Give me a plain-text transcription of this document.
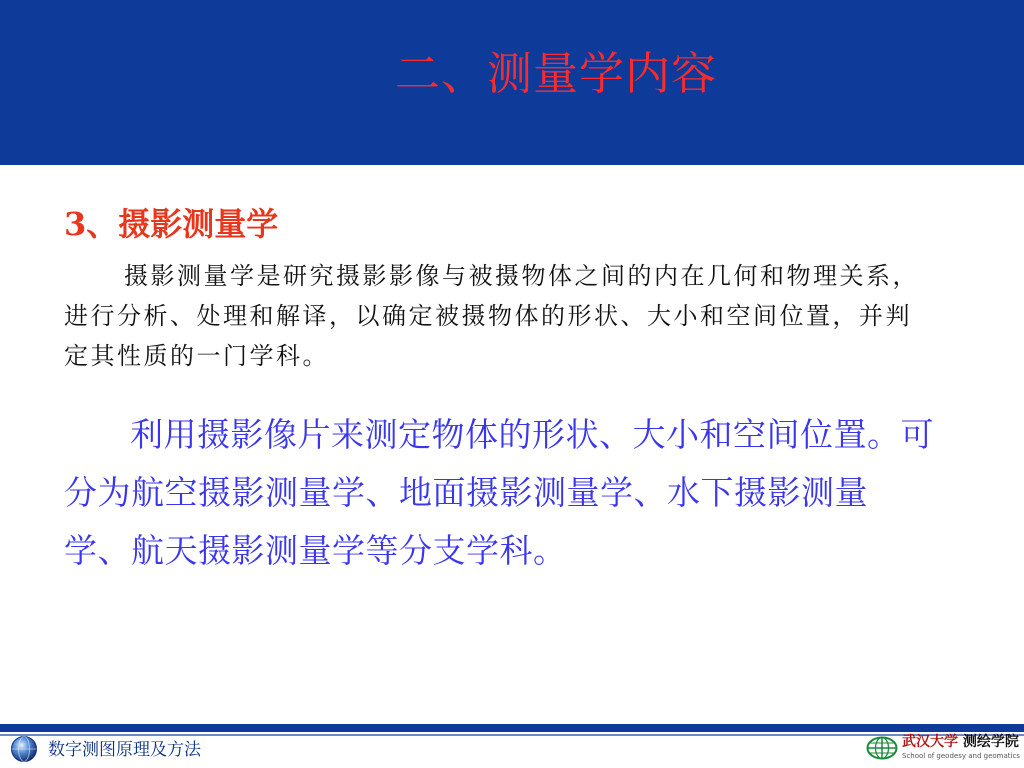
二、测量学内容
3、摄影测量学

摄影测量学是研究摄影影像与被摄物体之间的内在几何和物理关系，进行分析、处理和解译，以确定被摄物体的形状、大小和空间位置，并判定其性质的一门学科。

利用摄影像片来测定物体的形状、大小和空间位置。可分为航空摄影测量学、地面摄影测量学、水下摄影测量学、航天摄影测量学等分支学科。

数字测图原理及方法	武汉大学 测绘学院
School of geodesy and geomatics
